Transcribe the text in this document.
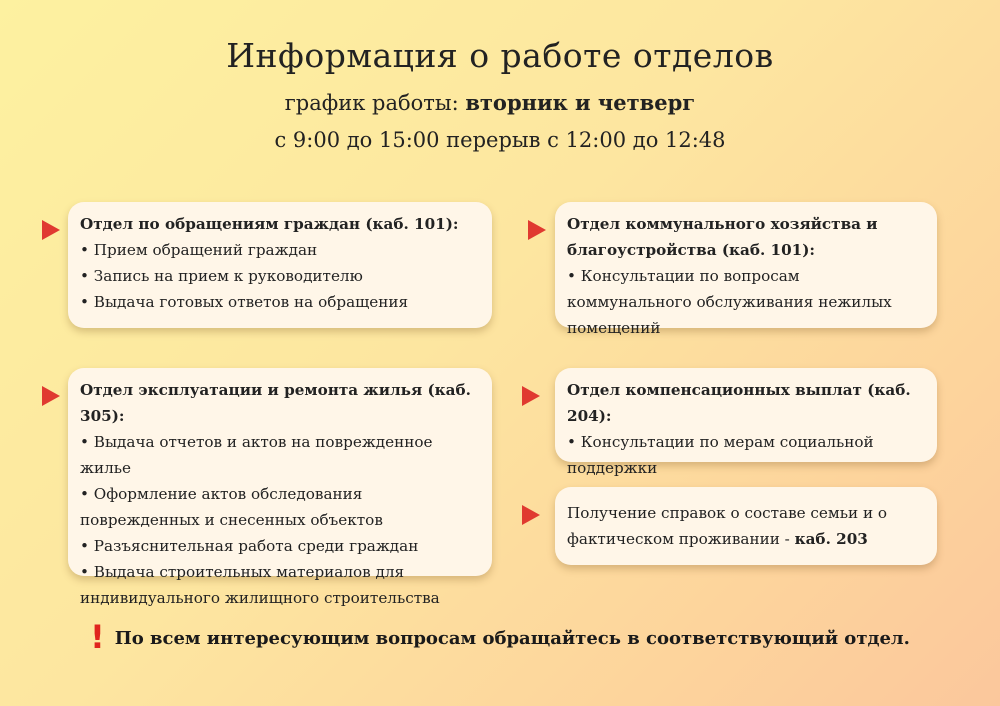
Информация о работе отделов
график работы: вторник и четверг
с 9:00 до 15:00 перерыв с 12:00 до 12:48
Отдел по обращениям граждан (каб. 101):
• Прием обращений граждан
• Запись на прием к руководителю
• Выдача готовых ответов на обращения
Отдел коммунального хозяйства и благоустройства (каб. 101):
• Консультации по вопросам коммунального обслуживания нежилых помещений
Отдел эксплуатации и ремонта жилья (каб. 305):
• Выдача отчетов и актов на поврежденное жилье
• Оформление актов обследования поврежденных и снесенных объектов
• Разъяснительная работа среди граждан
• Выдача строительных материалов для индивидуального жилищного строительства
Отдел компенсационных выплат (каб. 204):
• Консультации по мерам социальной поддержки
Получение справок о составе семьи и о фактическом проживании - каб. 203
! По всем интересующим вопросам обращайтесь в соответствующий отдел.
